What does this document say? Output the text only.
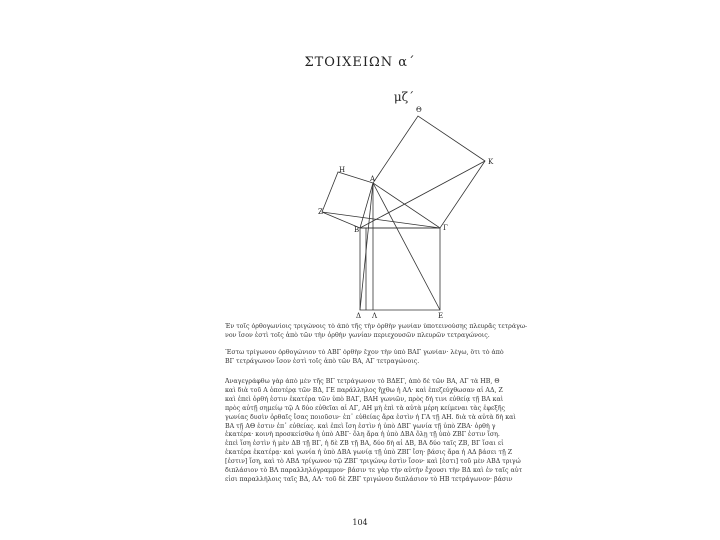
ΣΤΟΙΧΕΙΩΝ α΄
μζ΄
Θ
K
H
A
Z
B	Γ
Δ Λ	E
Ἐν τοῖς ὀρθογωνίοις τριγώνοις τὸ ἀπὸ τῆς τὴν ὀρθὴν γωνίαν ὑποτεινούσης πλευρᾶς τετράγω-
νον ἴσον ἐστὶ τοῖς ἀπὸ τῶν τὴν ὀρθὴν γωνίαν περιεχουσῶν πλευρῶν τετραγώνοις.
Ἔστω τρίγωνον ὀρθογώνιον τὸ ΑΒΓ ὀρθὴν ἔχον τὴν ὑπὸ ΒΑΓ γωνίαν· λέγω, ὅτι τὸ ἀπὸ
ΒΓ τετράγωνον ἴσον ἐστὶ τοῖς ἀπὸ τῶν ΒΑ, ΑΓ τετραγώνοις.
Ἀναγεγράφθω γὰρ ἀπὸ μὲν τῆς ΒΓ τετράγωνον τὸ ΒΔΕΓ, ἀπὸ δὲ τῶν ΒΑ, ΑΓ τὰ ΗΒ, Θ
καὶ διὰ τοῦ Α ὁποτέρᾳ τῶν ΒΔ, ΓΕ παράλληλος ἤχθω ἡ ΑΛ· καὶ ἐπεζεύχθωσαν αἱ ΑΔ, Ζ
καὶ ἐπεὶ ὀρθή ἐστιν ἑκατέρα τῶν ὑπὸ ΒΑΓ, ΒΑΗ γωνιῶν, πρὸς δή τινι εὐθείᾳ τῇ ΒΑ καὶ
πρὸς αὐτῇ σημείῳ τῷ Α δύο εὐθεῖαι αἱ ΑΓ, ΑΗ μὴ ἐπὶ τὰ αὐτὰ μέρη κείμεναι τὰς ἐφεξῆς
γωνίας δυσὶν ὀρθαῖς ἴσας ποιοῦσιν· ἐπ᾽ εὐθείας ἄρα ἐστὶν ἡ ΓΑ τῇ ΑΗ. διὰ τὰ αὐτὰ δὴ καὶ
ΒΑ τῇ ΑΘ ἐστιν ἐπ᾽ εὐθείας. καὶ ἐπεὶ ἴση ἐστὶν ἡ ὑπὸ ΔΒΓ γωνία τῇ ὑπὸ ΖΒΑ· ὀρθὴ γ
ἑκατέρα· κοινὴ προσκείσθω ἡ ὑπὸ ΑΒΓ· ὅλη ἄρα ἡ ὑπὸ ΔΒΑ ὅλῃ τῇ ὑπὸ ΖΒΓ ἐστιν ἴση.
ἐπεὶ ἴση ἐστὶν ἡ μὲν ΔΒ τῇ ΒΓ, ἡ δὲ ΖΒ τῇ ΒΑ, δύο δὴ αἱ ΔΒ, ΒΑ δύο ταῖς ΖΒ, ΒΓ ἴσαι εἰ
ἑκατέρα ἑκατέρᾳ· καὶ γωνία ἡ ὑπὸ ΔΒΑ γωνίᾳ τῇ ὑπὸ ΖΒΓ ἴση· βάσις ἄρα ἡ ΑΔ βάσει τῇ Ζ
[ἐστιν] ἴση, καὶ τὸ ΑΒΔ τρίγωνον τῷ ΖΒΓ τριγώνῳ ἐστὶν ἴσον· καὶ [ἐστι] τοῦ μὲν ΑΒΔ τριγώ
διπλάσιον τὸ ΒΛ παραλληλόγραμμον· βάσιν τε γὰρ τὴν αὐτὴν ἔχουσι τὴν ΒΔ καὶ ἐν ταῖς αὐτ
εἰσι παραλλήλοις ταῖς ΒΔ, ΑΛ· τοῦ δὲ ΖΒΓ τριγώνου διπλάσιον τὸ ΗΒ τετράγωνον· βάσιν
104
